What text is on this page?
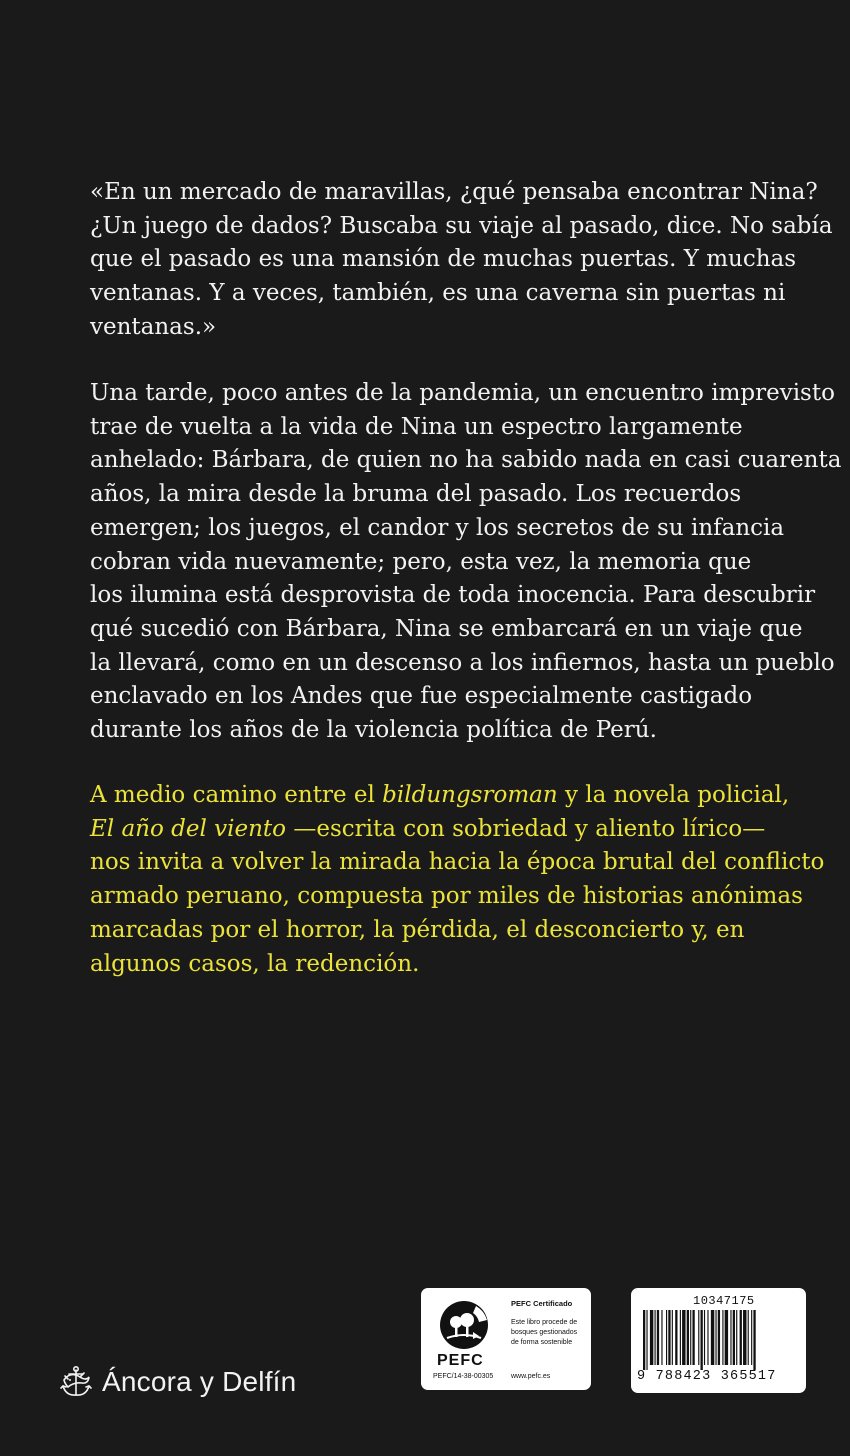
«En un mercado de maravillas, ¿qué pensaba encontrar Nina?
¿Un juego de dados? Buscaba su viaje al pasado, dice. No sabía
que el pasado es una mansión de muchas puertas. Y muchas
ventanas. Y a veces, también, es una caverna sin puertas ni
ventanas.»
Una tarde, poco antes de la pandemia, un encuentro imprevisto
trae de vuelta a la vida de Nina un espectro largamente
anhelado: Bárbara, de quien no ha sabido nada en casi cuarenta
años, la mira desde la bruma del pasado. Los recuerdos
emergen; los juegos, el candor y los secretos de su infancia
cobran vida nuevamente; pero, esta vez, la memoria que
los ilumina está desprovista de toda inocencia. Para descubrir
qué sucedió con Bárbara, Nina se embarcará en un viaje que
la llevará, como en un descenso a los infiernos, hasta un pueblo
enclavado en los Andes que fue especialmente castigado
durante los años de la violencia política de Perú.
A medio camino entre el bildungsroman y la novela policial,
El año del viento —escrita con sobriedad y aliento lírico—
nos invita a volver la mirada hacia la época brutal del conflicto
armado peruano, compuesta por miles de historias anónimas
marcadas por el horror, la pérdida, el desconcierto y, en
algunos casos, la redención.
Áncora y Delfín
PEFC
PEFC/14-38-00305
PEFC Certificado
Este libro procede de
bosques gestionados
de forma sostenible
www.pefc.es
10347175
9 788423 365517
